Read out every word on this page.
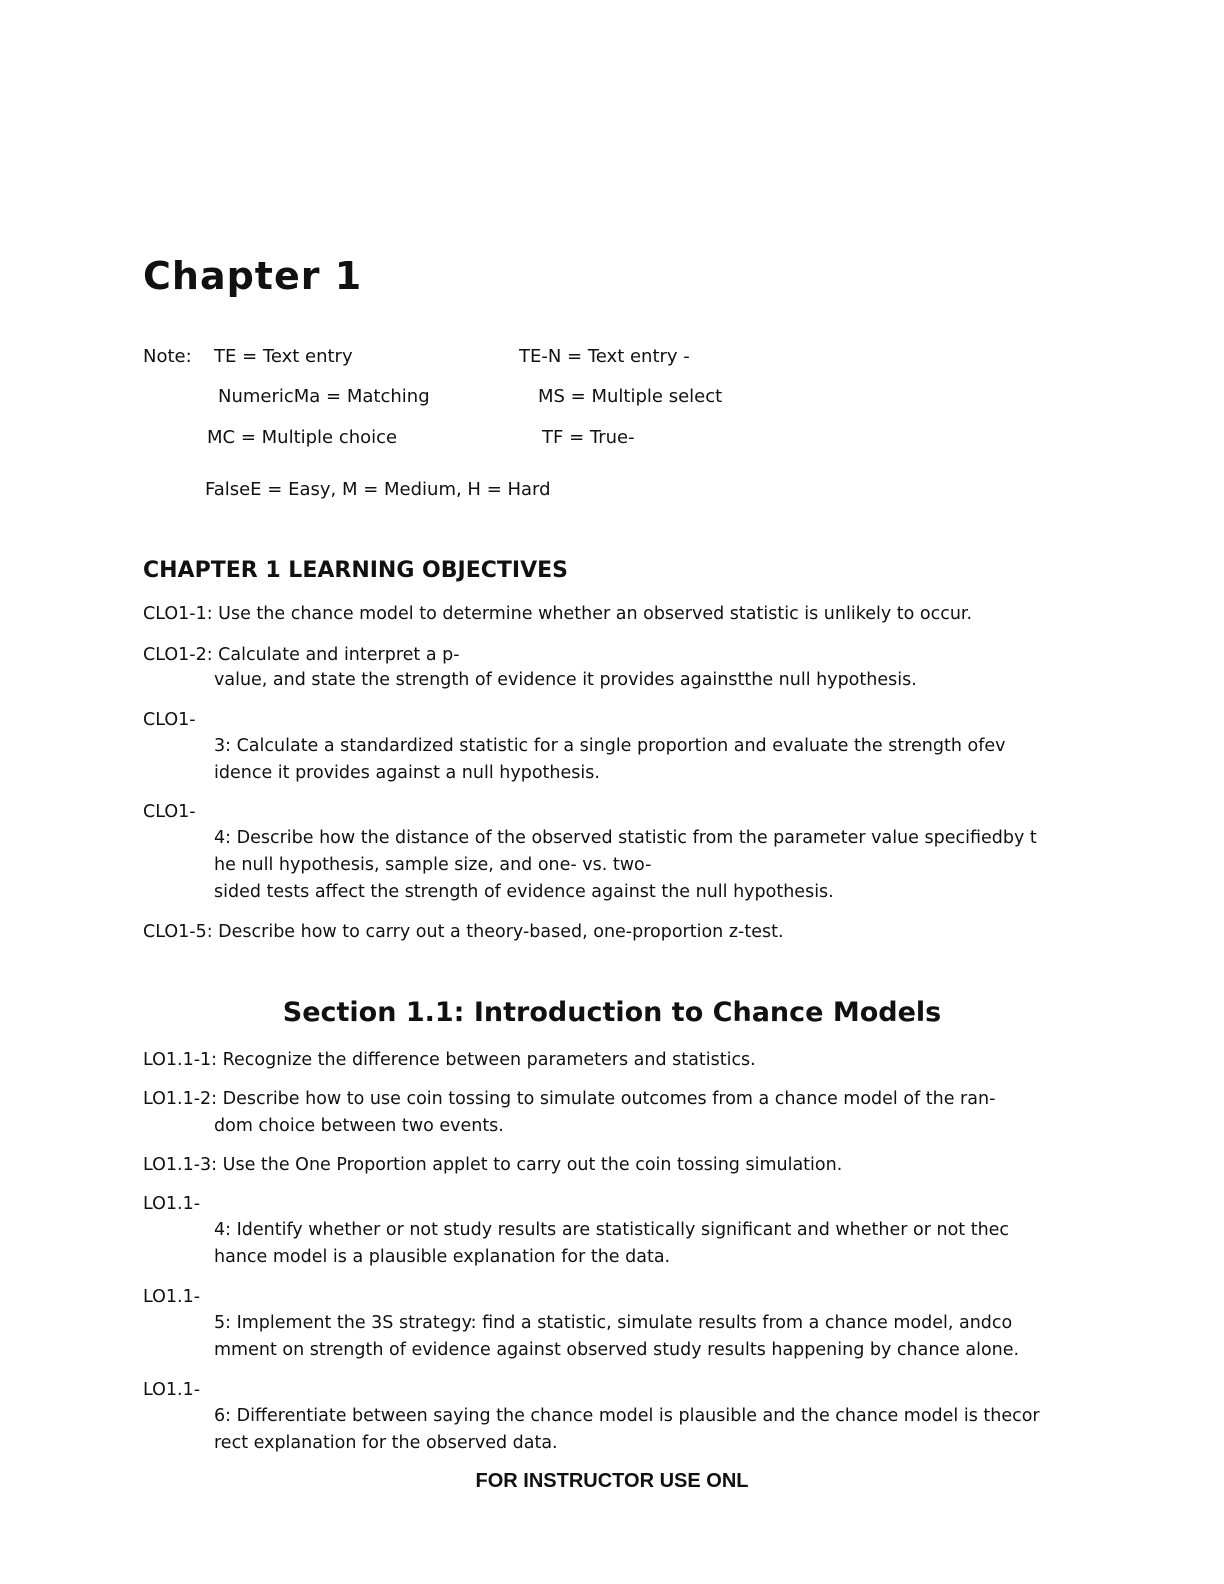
Chapter 1
Note: TE = Text entry	TE-N = Text entry -
NumericMa = Matching	MS = Multiple select
MC = Multiple choice	TF = True-
FalseE = Easy, M = Medium, H = Hard
CHAPTER 1 LEARNING OBJECTIVES
CLO1-1: Use the chance model to determine whether an observed statistic is unlikely to occur.
CLO1-2: Calculate and interpret a p-
value, and state the strength of evidence it provides againstthe null hypothesis.
CLO1-
3: Calculate a standardized statistic for a single proportion and evaluate the strength ofev
idence it provides against a null hypothesis.
CLO1-
4: Describe how the distance of the observed statistic from the parameter value specifiedby t
he null hypothesis, sample size, and one- vs. two-
sided tests affect the strength of evidence against the null hypothesis.
CLO1-5: Describe how to carry out a theory-based, one-proportion z-test.
Section 1.1: Introduction to Chance Models
LO1.1-1: Recognize the difference between parameters and statistics.
LO1.1-2: Describe how to use coin tossing to simulate outcomes from a chance model of the ran-
dom choice between two events.
LO1.1-3: Use the One Proportion applet to carry out the coin tossing simulation.
LO1.1-
4: Identify whether or not study results are statistically significant and whether or not thec
hance model is a plausible explanation for the data.
LO1.1-
5: Implement the 3S strategy: find a statistic, simulate results from a chance model, andco
mment on strength of evidence against observed study results happening by chance alone.
LO1.1-
6: Differentiate between saying the chance model is plausible and the chance model is thecor
rect explanation for the observed data.
FOR INSTRUCTOR USE ONL
